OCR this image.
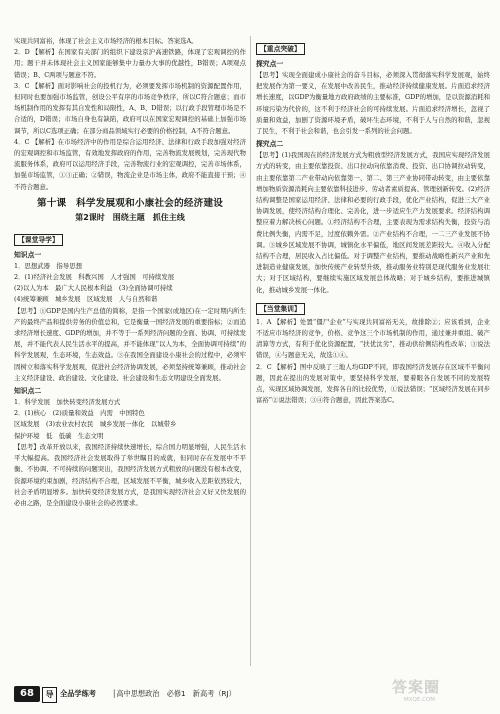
实现共同富裕，体现了社会主义市场经济的根本目标。答案选A。

2．D 【解析】在国家有关部门的组织下建设京沪高速铁路，体现了宏观调控的作用；题干并未体现社会主义国家能够集中力量办大事的优越性，B错误；A项观点错误；B、C两项与题意不符。

3．C 【解析】面对影响社会的投机行为，必须要发挥市场机制的资源配置作用，但同时也要加强市场监管，创设公平有序的市场竞争秩序，所以C符合题意；而市场机制作用的发挥有其自发性和局限性，A、B、D错误；以行政手段管理市场是不合适的，D错误；市场自身也有缺陷，政府可以在国家宏观调控的基础上加强市场调节，所以C选项正确；在部分商品领域实行必要的价格控制，A不符合题意。

4．C 【解析】在市场经济中的作用是综合运用经济、法律和行政手段加强对经济的宏观调控和市场监管，有效地发挥政府的作用，完善物流发展规划，完善现代物流服务体系，政府可以运用经济手段，完善物流行业的宏观调控，完善市场体系，加强市场监管，①③正确；②错误，物流企业是市场主体，政府不能直接干预；④不符合题意。

第十课　科学发展观和小康社会的经济建设
第2课时　围绕主题　抓住主线
【课堂导学】
知识点一

1．思想武器　指导思想

2．(1)经济社会发展　科教兴国　人才强国　可持续发展

(2)以人为本　最广大人民根本利益　(3)全面协调可持续

(4)统筹兼顾　城乡发展　区域发展　人与自然和谐

【思考】①GDP是国内生产总值的简称，是指一个国家(或地区)在一定时期内所生产的最终产品和提供劳务的价值总和，它是衡量一国经济发展的重要指标；②而追求经济增长速度、GDP的增加，并不等于一系列经济问题的全面、协调、可持续发展，并不能代表人民生活水平的提高，并不能体现“以人为本，全面协调可持续”的科学发展观，生态环境，生态效益。③在我国全面建设小康社会的过程中，必须牢固树立和落实科学发展观，促进社会经济协调发展，必须坚持统筹兼顾，推动社会主义经济建设、政治建设、文化建设、社会建设和生态文明建设全面发展。

知识点二

1．科学发展　加快转变经济发展方式

2．(1)核心　(2)质量和效益　内需　中国特色

区域发展　(3)农业农村农民　城乡发展一体化　以城带乡

保护环境　低　低碳　生态文明

【思考】改革开放以来，我国经济持续快速增长，综合国力明显增强，人民生活水平大幅提高。我国经济社会发展取得了举世瞩目的成就，但同时存在发展中不平衡、不协调、不可持续的问题突出，我国经济发展方式粗放的问题没有根本改变，资源环境约束加剧，经济结构不合理，区域发展不平衡，城乡收入差距依然较大，社会矛盾明显增多。加快转变经济发展方式，是我国实现经济社会又好又快发展的必由之路，是全面建设小康社会的必然要求。

【重点突破】
探究点一

【思考】实现全面建成小康社会的奋斗目标，必须深入贯彻落实科学发展观，始终把发展作为第一要义，在发展中改善民生，推动经济持续健康发展。片面追求经济增长速度，以GDP为衡量地方政府政绩的主要标准，GDP的增加，是以资源消耗和环境污染为代价的，这不利于经济社会的可持续发展。片面追求经济增长，忽视了质量和效益，加剧了资源环境矛盾，破坏生态环境，不利于人与自然的和谐，忽视了民生，不利于社会和谐，也会引发一系列的社会问题。

探究点二

【思考】(1)我国现在的经济发展方式为粗放型经济发展方式，我国应实现经济发展方式的转变，由主要依靠投资、出口拉动向依靠消费、投资、出口协调拉动转变，由主要依靠第二产业带动向依靠第一、第二、第三产业协同带动转变，由主要依靠增加物质资源消耗向主要依靠科技进步、劳动者素质提高、管理创新转变。(2)经济结构调整是国家运用经济、法律和必要的行政手段，优化产业结构，促进三大产业协调发展，使经济结构合理化、完善化，进一步适应生产力发展要求。经济结构调整应着力解决核心问题。①经济结构不合理，主要表现为需求结构失衡，投资与消费比例失衡，内需不足，过度依赖外需。②产业结构不合理，一二三产业发展不协调。③城乡区域发展不协调，城镇化水平偏低，地区间发展差距较大。④收入分配结构不合理，居民收入占比偏低。对于调整产业结构，要推动战略性新兴产业和先进制造业健康发展，加快传统产业转型升级，推动服务业特别是现代服务业发展壮大；对于区域结构，要继续实施区域发展总体战略；对于城乡结构，要推进城镇化，推动城乡发展一体化。

【当堂集训】

1．A 【解析】处置“僵尸企业”与实现共同富裕无关，故排除②；应该看到，企业不适应市场经济的竞争，价格、竞争这三个市场机制的作用，通过兼并重组、破产清算等方式，有利于优化资源配置，“扶优汰劣”，推动供给侧结构性改革；③说法错误，④与题意无关，故选①④。

2．C 【解析】图中反映了三地人均GDP不同，即我国经济发展存在区域不平衡问题，因此在提出的发展对策中，要坚持科学发展，要着眼各自发展不同的发展特点，实现区域协调发展，发挥各自的比较优势，①说法错误；“区域经济发展在同步富裕”②说法错误；③④符合题意，因此答案选C。

68	导 全品学练考 │高中思想政治　必修1　新高考（RJ）	答案圈
MXQE.COM
